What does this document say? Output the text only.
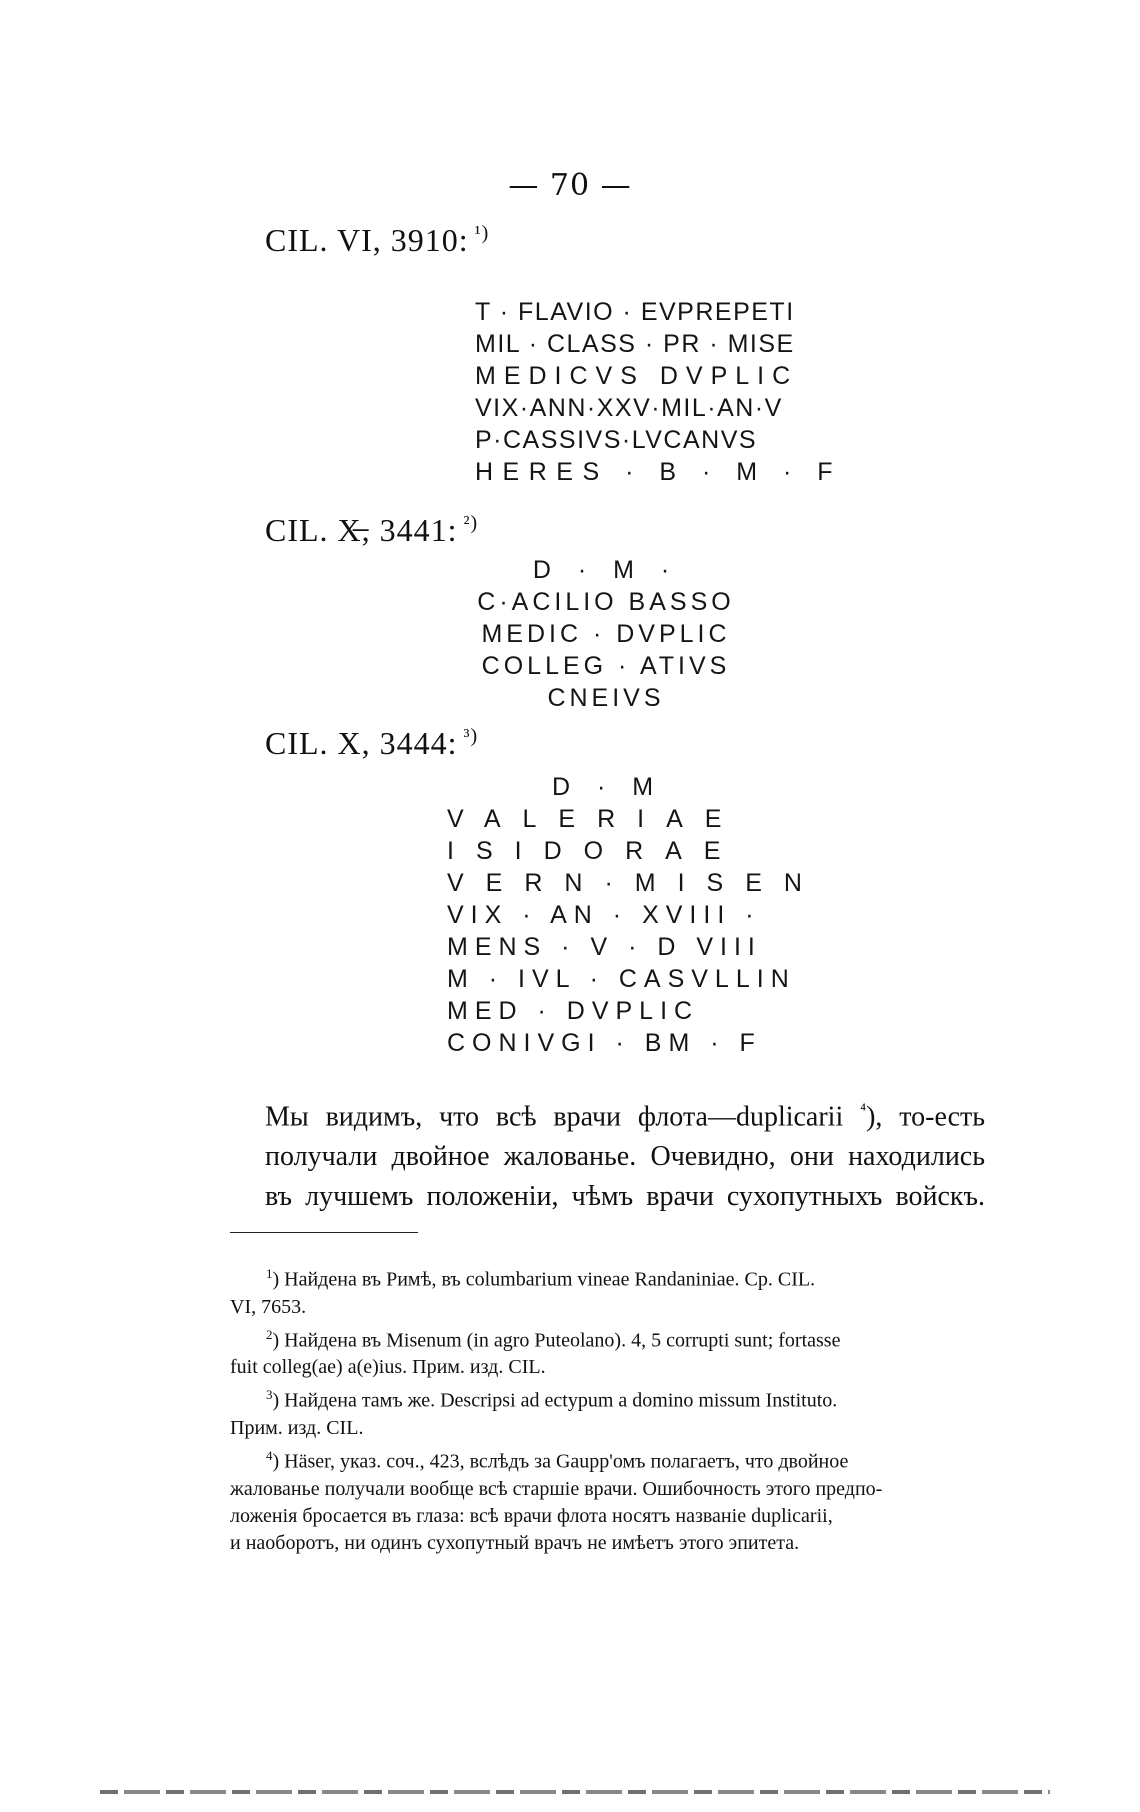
— 70 —
CIL. VI, 3910: $^{^1)}$
T · FLAVIO · EVPREPETI
MIL · CLASS · PR · MISE
MEDICVS DVPLIC
VIX·ANN·XXV·MIL·AN·V
P·CASSIVS·LVCANVS
HERES · B · M · F
CIL. X̶, 3441: $^{^2)}$
D · M ·
C·ACILIO BASSO
MEDIC · DVPLIC
COLLEG · ATIVS
CNEIVS
CIL. X, 3444: $^{^3)}$
D · M
VALERIAE
ISIDORAE
VERN·MISEN
VIX · AN · XVIII ·
MENS · V · D VIII
M · IVL · CASVLLIN
MED · DVPLIC
CONIVGI · BM · F
Мы видимъ, что всѣ врачи флота—duplicarii $^{^4}$), то-есть
получали двойное жалованье. Очевидно, они находились
въ лучшемъ положеніи, чѣмъ врачи сухопутныхъ войскъ.
$^1$) Найдена въ Римѣ, въ columbarium vineae Randaniniae. Ср. CIL.
VI, 7653.
$^2$) Найдена въ Misenum (in agro Puteolano). 4, 5 corrupti sunt; fortasse
fuit colleg(ae) a(e)ius. Прим. изд. CIL.
$^3$) Найдена тамъ же. Descripsi ad ectypum a domino missum Instituto.
Прим. изд. CIL.
$^4$) Häser, указ. соч., 423, вслѣдъ за Gaupp'омъ полагаетъ, что двойное
жалованье получали вообще всѣ старшіе врачи. Ошибочность этого предпо-
ложенія бросается въ глаза: всѣ врачи флота носятъ названіе duplicarii,
и наоборотъ, ни одинъ сухопутный врачъ не имѣетъ этого эпитета.
